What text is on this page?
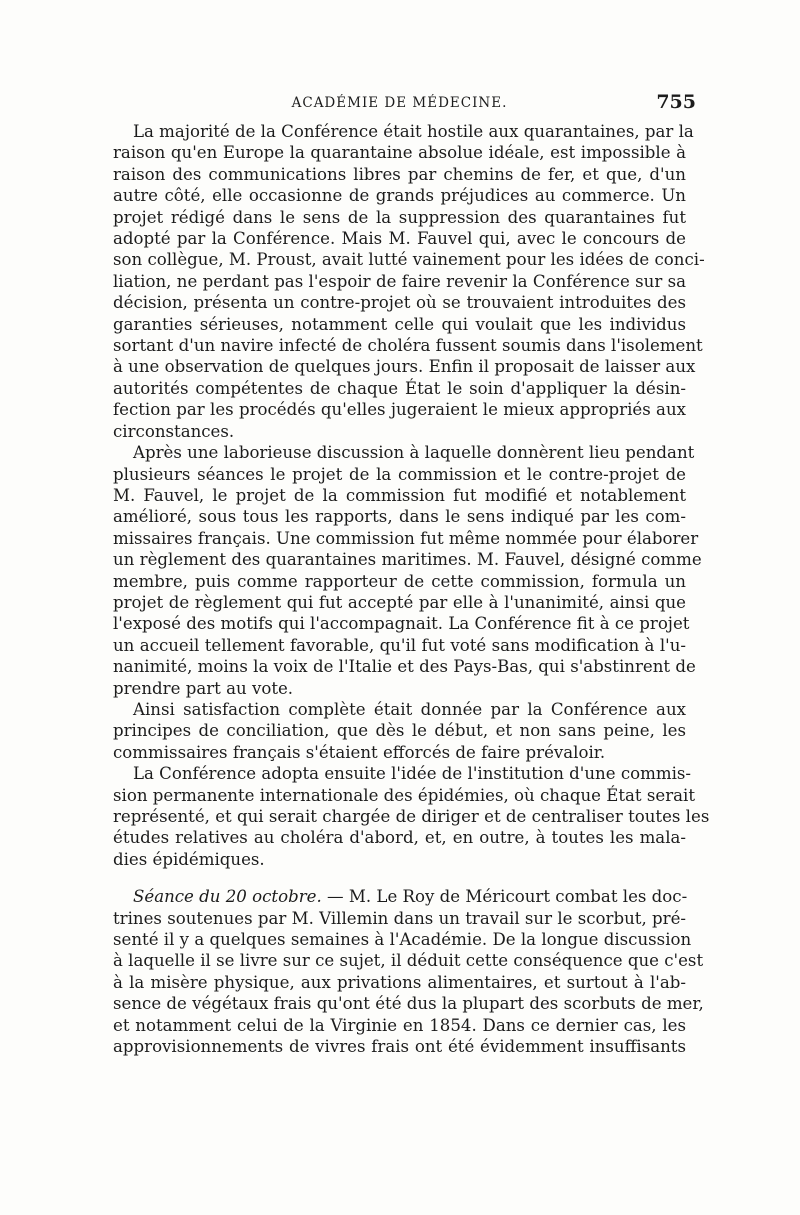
ACADÉMIE DE MÉDECINE.	755

La majorité de la Conférence était hostile aux quarantaines, par la
raison qu'en Europe la quarantaine absolue idéale, est impossible à
raison des communications libres par chemins de fer, et que, d'un
autre côté, elle occasionne de grands préjudices au commerce. Un
projet rédigé dans le sens de la suppression des quarantaines fut
adopté par la Conférence. Mais M. Fauvel qui, avec le concours de
son collègue, M. Proust, avait lutté vainement pour les idées de conci-
liation, ne perdant pas l'espoir de faire revenir la Conférence sur sa
décision, présenta un contre-projet où se trouvaient introduites des
garanties sérieuses, notamment celle qui voulait que les individus
sortant d'un navire infecté de choléra fussent soumis dans l'isolement
à une observation de quelques jours. Enfin il proposait de laisser aux
autorités compétentes de chaque État le soin d'appliquer la désin-
fection par les procédés qu'elles jugeraient le mieux appropriés aux
circonstances.

Après une laborieuse discussion à laquelle donnèrent lieu pendant
plusieurs séances le projet de la commission et le contre-projet de
M. Fauvel, le projet de la commission fut modifié et notablement
amélioré, sous tous les rapports, dans le sens indiqué par les com-
missaires français. Une commission fut même nommée pour élaborer
un règlement des quarantaines maritimes. M. Fauvel, désigné comme
membre, puis comme rapporteur de cette commission, formula un
projet de règlement qui fut accepté par elle à l'unanimité, ainsi que
l'exposé des motifs qui l'accompagnait. La Conférence fit à ce projet
un accueil tellement favorable, qu'il fut voté sans modification à l'u-
nanimité, moins la voix de l'Italie et des Pays-Bas, qui s'abstinrent de
prendre part au vote.

Ainsi satisfaction complète était donnée par la Conférence aux
principes de conciliation, que dès le début, et non sans peine, les
commissaires français s'étaient efforcés de faire prévaloir.

La Conférence adopta ensuite l'idée de l'institution d'une commis-
sion permanente internationale des épidémies, où chaque État serait
représenté, et qui serait chargée de diriger et de centraliser toutes les
études relatives au choléra d'abord, et, en outre, à toutes les mala-
dies épidémiques.

Séance du 20 octobre. — M. Le Roy de Méricourt combat les doc-
trines soutenues par M. Villemin dans un travail sur le scorbut, pré-
senté il y a quelques semaines à l'Académie. De la longue discussion
à laquelle il se livre sur ce sujet, il déduit cette conséquence que c'est
à la misère physique, aux privations alimentaires, et surtout à l'ab-
sence de végétaux frais qu'ont été dus la plupart des scorbuts de mer,
et notamment celui de la Virginie en 1854. Dans ce dernier cas, les
approvisionnements de vivres frais ont été évidemment insuffisants
